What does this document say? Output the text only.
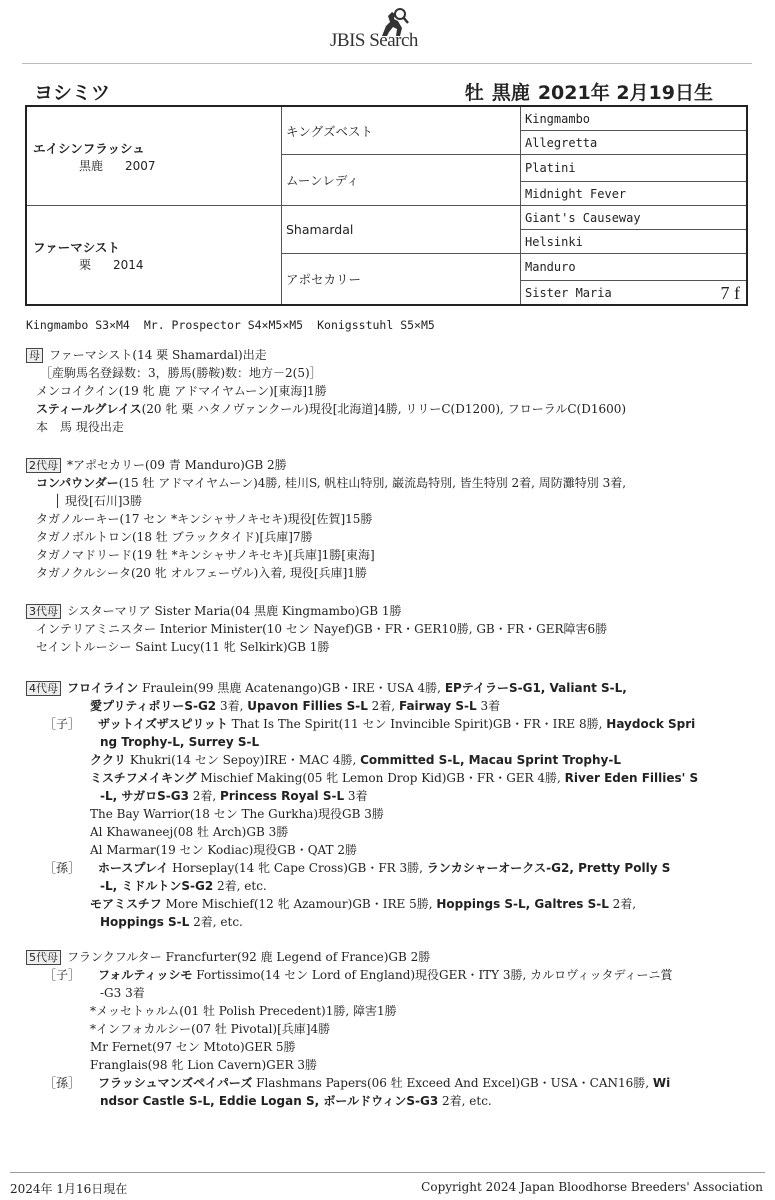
JBIS Search
ヨシミツ	牡 黒鹿 2021年 2月19日生
エイシンフラッシュ
黒鹿 2007	キングズベスト	Kingmambo
		Allegretta
	ムーンレディ	Platini
		Midnight Fever

ファーマシスト
栗 2014	Shamardal	Giant's Causeway
		Helsinki
	アポセカリー	Manduro
		Sister Maria 7 f
Kingmambo S3×M4 Mr. Prospector S4×M5×M5 Konigsstuhl S5×M5
母 ファーマシスト(14 栗 Shamardal)出走
［産駒馬名登録数：3，勝馬(勝鞍)数：地方－2(5)］
メンコイクイン(19 牝 鹿 アドマイヤムーン)[東海]1勝
スティールグレイス(20 牝 栗 ハタノヴァンクール)現役[北海道]4勝, リリーC(D1200), フローラルC(D1600)
本　馬 現役出走
2代母 *アポセカリー(09 青 Manduro)GB 2勝
コンパウンダー(15 牡 アドマイヤムーン)4勝, 桂川S, 帆柱山特別, 巌流島特別, 皆生特別 2着, 周防灘特別 3着,
│ 現役[石川]3勝
タガノルーキー(17 セン *キンシャサノキセキ)現役[佐賀]15勝
タガノボルトロン(18 牡 ブラックタイド)[兵庫]7勝
タガノマドリード(19 牡 *キンシャサノキセキ)[兵庫]1勝[東海]
タガノクルシータ(20 牝 オルフェーヴル)入着, 現役[兵庫]1勝
3代母 シスターマリア Sister Maria(04 黒鹿 Kingmambo)GB 1勝
インテリアミニスター Interior Minister(10 セン Nayef)GB・FR・GER10勝, GB・FR・GER障害6勝
セイントルーシー Saint Lucy(11 牝 Selkirk)GB 1勝
4代母 フロイライン Fraulein(99 黒鹿 Acatenango)GB・IRE・USA 4勝, EPテイラーS-G1, Valiant S-L,
愛プリティポリーS-G2 3着, Upavon Fillies S-L 2着, Fairway S-L 3着
［子］ ザットイズザスピリット That Is The Spirit(11 セン Invincible Spirit)GB・FR・IRE 8勝, Haydock Spri
ng Trophy-L, Surrey S-L
ククリ Khukri(14 セン Sepoy)IRE・MAC 4勝, Committed S-L, Macau Sprint Trophy-L
ミスチフメイキング Mischief Making(05 牝 Lemon Drop Kid)GB・FR・GER 4勝, River Eden Fillies' S
-L, サガロS-G3 2着, Princess Royal S-L 3着
The Bay Warrior(18 セン The Gurkha)現役GB 3勝
Al Khawaneej(08 牡 Arch)GB 3勝
Al Marmar(19 セン Kodiac)現役GB・QAT 2勝
［孫］ ホースプレイ Horseplay(14 牝 Cape Cross)GB・FR 3勝, ランカシャーオークス-G2, Pretty Polly S
-L, ミドルトンS-G2 2着, etc.
モアミスチフ More Mischief(12 牝 Azamour)GB・IRE 5勝, Hoppings S-L, Galtres S-L 2着,
Hoppings S-L 2着, etc.
5代母 フランクフルター Francfurter(92 鹿 Legend of France)GB 2勝
［子］ フォルティッシモ Fortissimo(14 セン Lord of England)現役GER・ITY 3勝, カルロヴィッタディーニ賞
-G3 3着
*メッセトゥルム(01 牡 Polish Precedent)1勝, 障害1勝
*インフォカルシー(07 牡 Pivotal)[兵庫]4勝
Mr Fernet(97 セン Mtoto)GER 5勝
Franglais(98 牝 Lion Cavern)GER 3勝
［孫］ フラッシュマンズペイパーズ Flashmans Papers(06 牡 Exceed And Excel)GB・USA・CAN16勝, Wi
ndsor Castle S-L, Eddie Logan S, ボールドウィンS-G3 2着, etc.
2024年 1月16日現在	Copyright 2024 Japan Bloodhorse Breeders' Association
